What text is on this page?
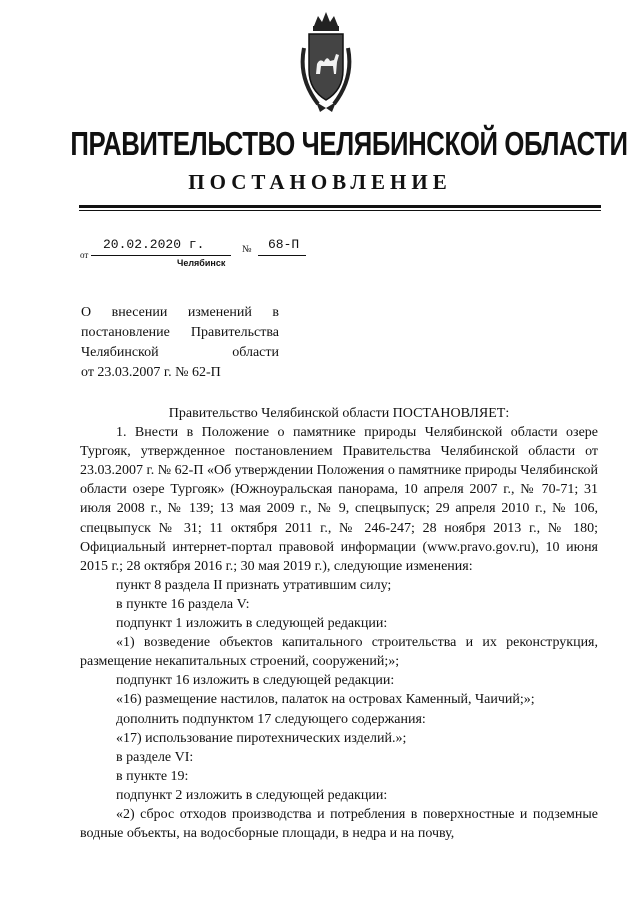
ПРАВИТЕЛЬСТВО ЧЕЛЯБИНСКОЙ ОБЛАСТИ
ПОСТАНОВЛЕНИЕ
от
20.02.2020 г.	№ 68-П
Челябинск
О внесении изменений в
постановление Правительства
Челябинской области
от 23.03.2007 г. № 62-П

Правительство Челябинской области ПОСТАНОВЛЯЕТ:

1. Внести в Положение о памятнике природы Челябинской области озере Тургояк, утвержденное постановлением Правительства Челябинской области от 23.03.2007 г. № 62-П «Об утверждении Положения о памятнике природы Челябинской области озере Тургояк» (Южноуральская панорама, 10 апреля 2007 г., № 70-71; 31 июля 2008 г., № 139; 13 мая 2009 г., № 9, спецвыпуск; 29 апреля 2010 г., № 106, спецвыпуск № 31; 11 октября 2011 г., № 246-247; 28 ноября 2013 г., № 180; Официальный интернет-портал правовой информации (www.pravo.gov.ru), 10 июня 2015 г.; 28 октября 2016 г.; 30 мая 2019 г.), следующие изменения:

пункт 8 раздела II признать утратившим силу;

в пункте 16 раздела V:

подпункт 1 изложить в следующей редакции:

«1) возведение объектов капитального строительства и их реконструкция, размещение некапитальных строений, сооружений;»;

подпункт 16 изложить в следующей редакции:

«16) размещение настилов, палаток на островах Каменный, Чаичий;»;

дополнить подпунктом 17 следующего содержания:

«17) использование пиротехнических изделий.»;

в разделе VI:

в пункте 19:

подпункт 2 изложить в следующей редакции:

«2) сброс отходов производства и потребления в поверхностные и подземные водные объекты, на водосборные площади, в недра и на почву,
